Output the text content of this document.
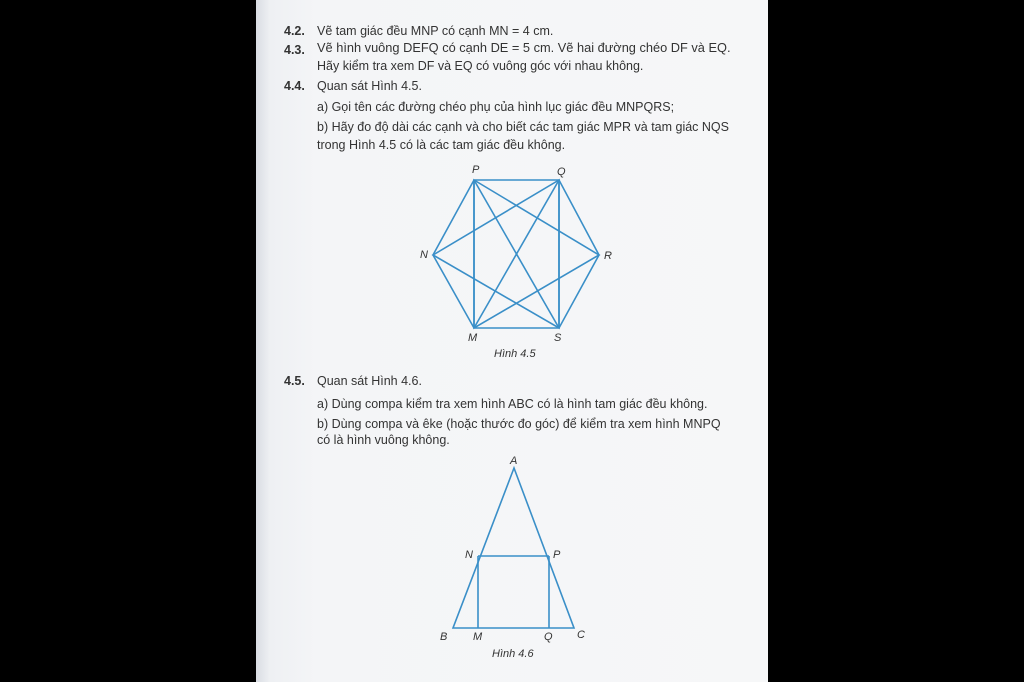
4.2. Vẽ tam giác đều MNP có cạnh MN = 4 cm.
4.3. Vẽ hình vuông DEFQ có cạnh DE = 5 cm. Vẽ hai đường chéo DF và EQ.
Hãy kiểm tra xem DF và EQ có vuông góc với nhau không.
4.4. Quan sát Hình 4.5.
a) Gọi tên các đường chéo phụ của hình lục giác đều MNPQRS;
b) Hãy đo độ dài các cạnh và cho biết các tam giác MPR và tam giác NQS
trong Hình 4.5 có là các tam giác đều không.
P	Q
R
S
M
N
Hình 4.5
4.5. Quan sát Hình 4.6.
a) Dùng compa kiểm tra xem hình ABC có là hình tam giác đều không.
b) Dùng compa và êke (hoặc thước đo góc) để kiểm tra xem hình MNPQ
có là hình vuông không.
A
N	P
B M	Q C
Hình 4.6
